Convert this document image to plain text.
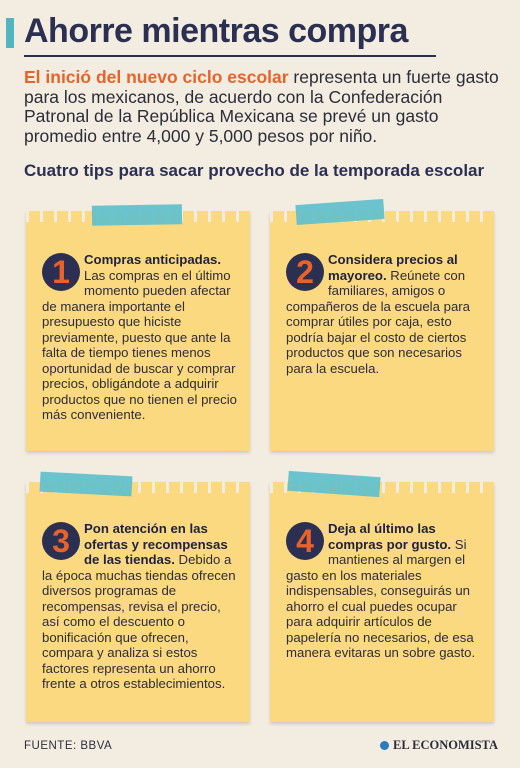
Ahorre mientras compra

El inició del nuevo ciclo escolar representa un fuerte gasto para los mexicanos, de acuerdo con la Confederación Patronal de la República Mexicana se prevé un gasto promedio entre 4,000 y 5,000 pesos por niño.

Cuatro tips para sacar provecho de la temporada escolar
1	Compras anticipadas. Las compras en el último momento pueden afectar de manera importante el presupuesto que hiciste previamente, puesto que ante la falta de tiempo tienes menos oportunidad de buscar y comprar precios, obligándote a adquirir productos que no tienen el precio más conveniente.
2	Considera precios al mayoreo. Reúnete con familiares, amigos o compañeros de la escuela para comprar útiles por caja, esto podría bajar el costo de ciertos productos que son necesarios para la escuela.
3	Pon atención en las ofertas y recompensas de las tiendas. Debido a la época muchas tiendas ofrecen diversos programas de recompensas, revisa el precio, así como el descuento o bonificación que ofrecen, compara y analiza si estos factores representa un ahorro frente a otros establecimientos.
4	Deja al último las compras por gusto. Si mantienes al margen el gasto en los materiales indispensables, conseguirás un ahorro el cual puedes ocupar para adquirir artículos de papelería no necesarios, de esa manera evitaras un sobre gasto.
FUENTE: BBVA	EL ECONOMISTA
